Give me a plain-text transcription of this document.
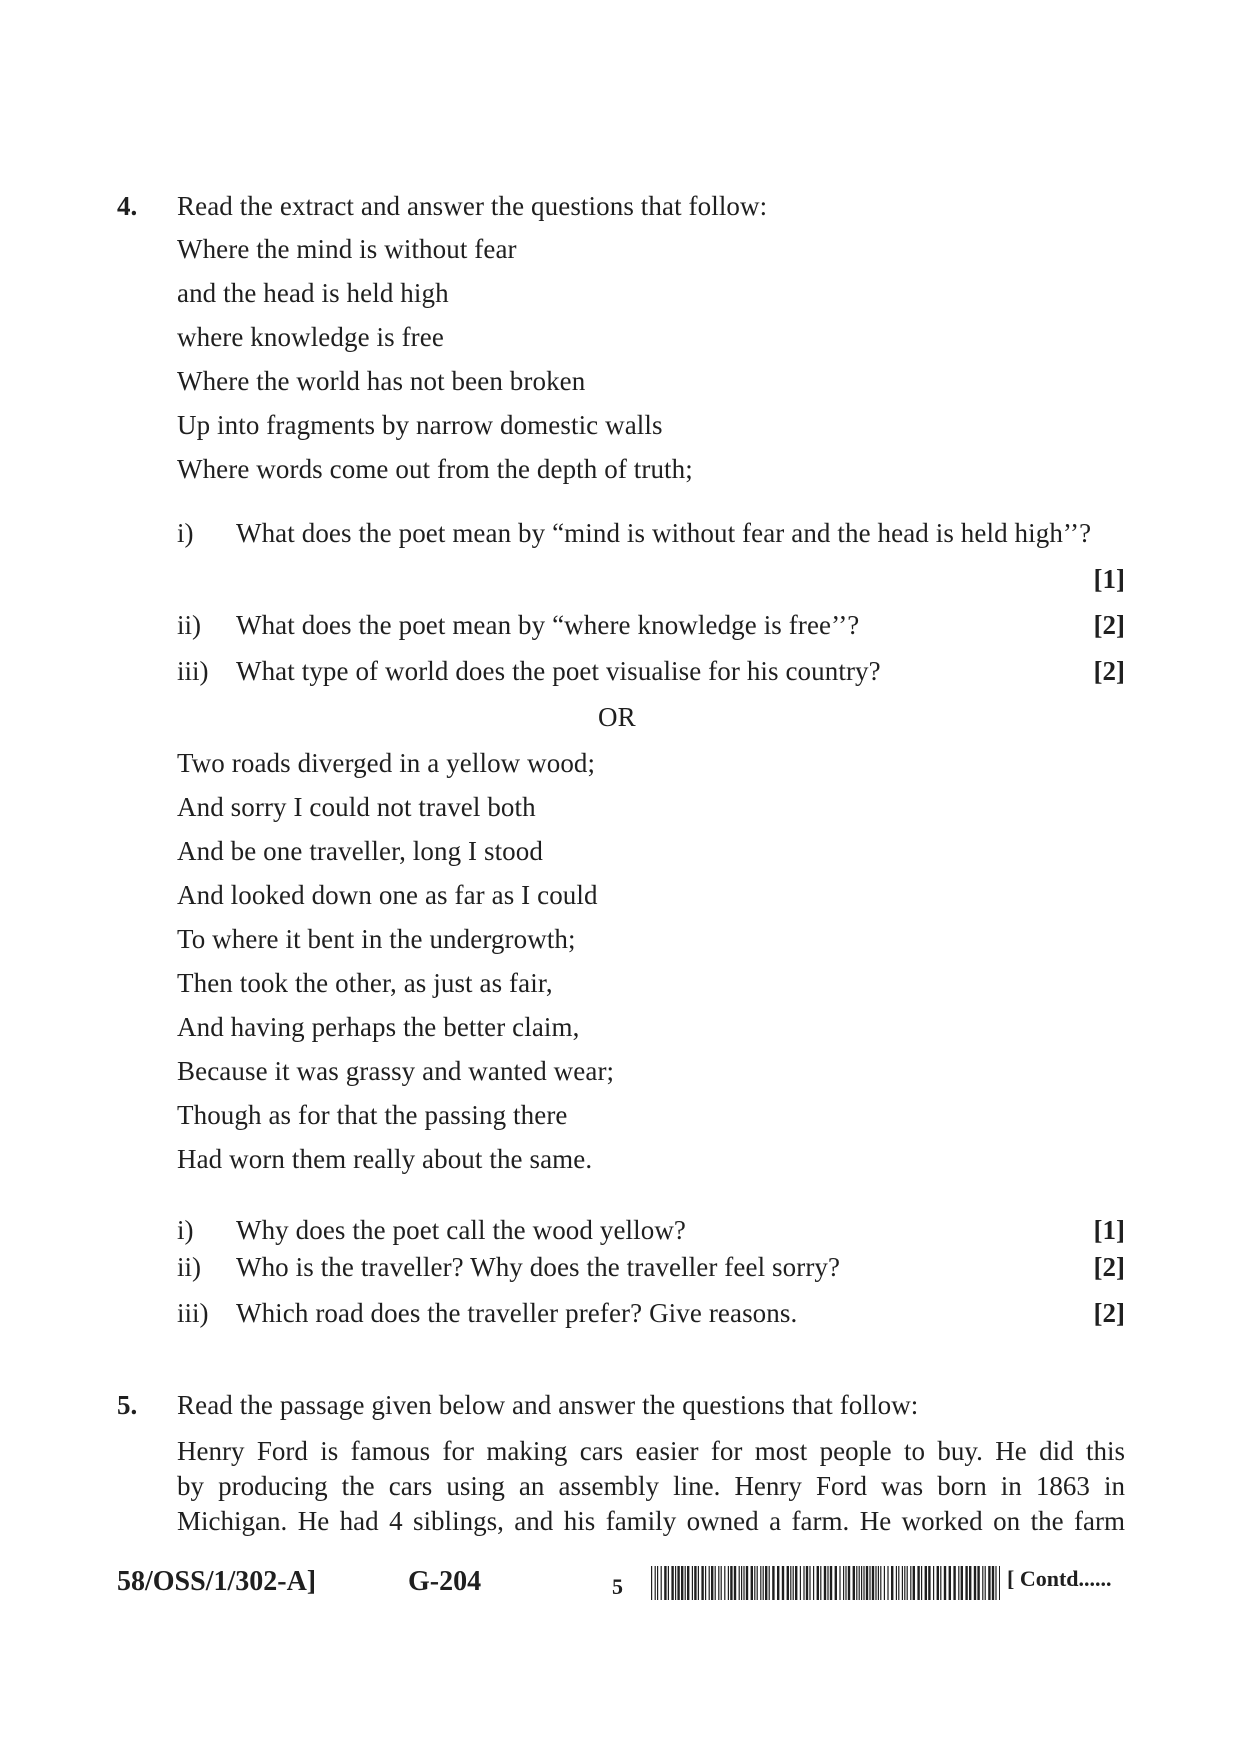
4. Read the extract and answer the questions that follow:
Where the mind is without fear
and the head is held high
where knowledge is free
Where the world has not been broken
Up into fragments by narrow domestic walls
Where words come out from the depth of truth;
i) What does the poet mean by “mind is without fear and the head is held high’’?
[1]
ii) What does the poet mean by “where knowledge is free’’?	[2]
iii) What type of world does the poet visualise for his country?	[2]
OR
Two roads diverged in a yellow wood;
And sorry I could not travel both
And be one traveller, long I stood
And looked down one as far as I could
To where it bent in the undergrowth;
Then took the other, as just as fair,
And having perhaps the better claim,
Because it was grassy and wanted wear;
Though as for that the passing there
Had worn them really about the same.
i) Why does the poet call the wood yellow?	[1]
ii) Who is the traveller? Why does the traveller feel sorry?	[2]
iii) Which road does the traveller prefer? Give reasons.	[2]
5. Read the passage given below and answer the questions that follow:
Henry Ford is famous for making cars easier for most people to buy. He did this
by producing the cars using an assembly line. Henry Ford was born in 1863 in
Michigan. He had 4 siblings, and his family owned a farm. He worked on the farm
58/OSS/1/302-A]	G-204	5	[ Contd......
